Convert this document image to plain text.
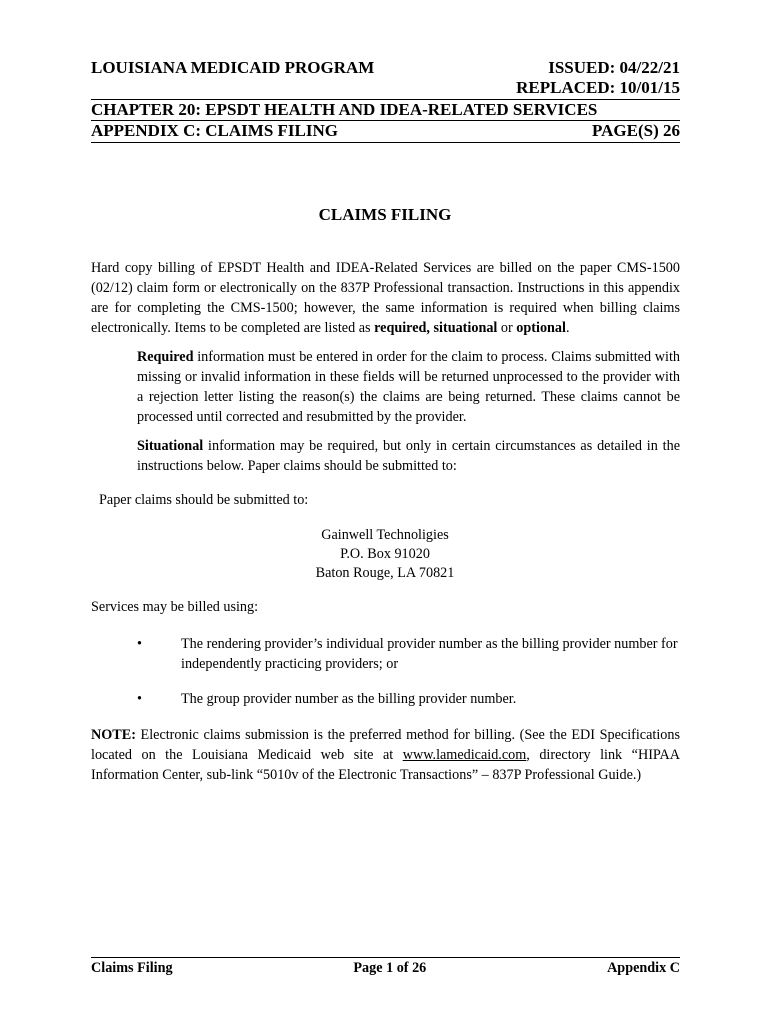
LOUISIANA MEDICAID PROGRAM	ISSUED: 04/22/21
REPLACED: 10/01/15
CHAPTER 20: EPSDT HEALTH AND IDEA-RELATED SERVICES
APPENDIX C: CLAIMS FILING	PAGE(S) 26
CLAIMS FILING
Hard copy billing of EPSDT Health and IDEA-Related Services are billed on the paper CMS-1500 (02/12) claim form or electronically on the 837P Professional transaction. Instructions in this appendix are for completing the CMS-1500; however, the same information is required when billing claims electronically. Items to be completed are listed as required, situational or optional.
Required information must be entered in order for the claim to process. Claims submitted with missing or invalid information in these fields will be returned unprocessed to the provider with a rejection letter listing the reason(s) the claims are being returned. These claims cannot be processed until corrected and resubmitted by the provider.
Situational information may be required, but only in certain circumstances as detailed in the instructions below. Paper claims should be submitted to:
Paper claims should be submitted to:
Gainwell Technoligies
P.O. Box 91020
Baton Rouge, LA 70821
Services may be billed using:
•	The rendering provider’s individual provider number as the billing provider number for independently practicing providers; or
•	The group provider number as the billing provider number.
NOTE: Electronic claims submission is the preferred method for billing. (See the EDI Specifications located on the Louisiana Medicaid web site at www.lamedicaid.com, directory link “HIPAA Information Center, sub-link “5010v of the Electronic Transactions” – 837P Professional Guide.)
Claims Filing	Page 1 of 26	Appendix C
